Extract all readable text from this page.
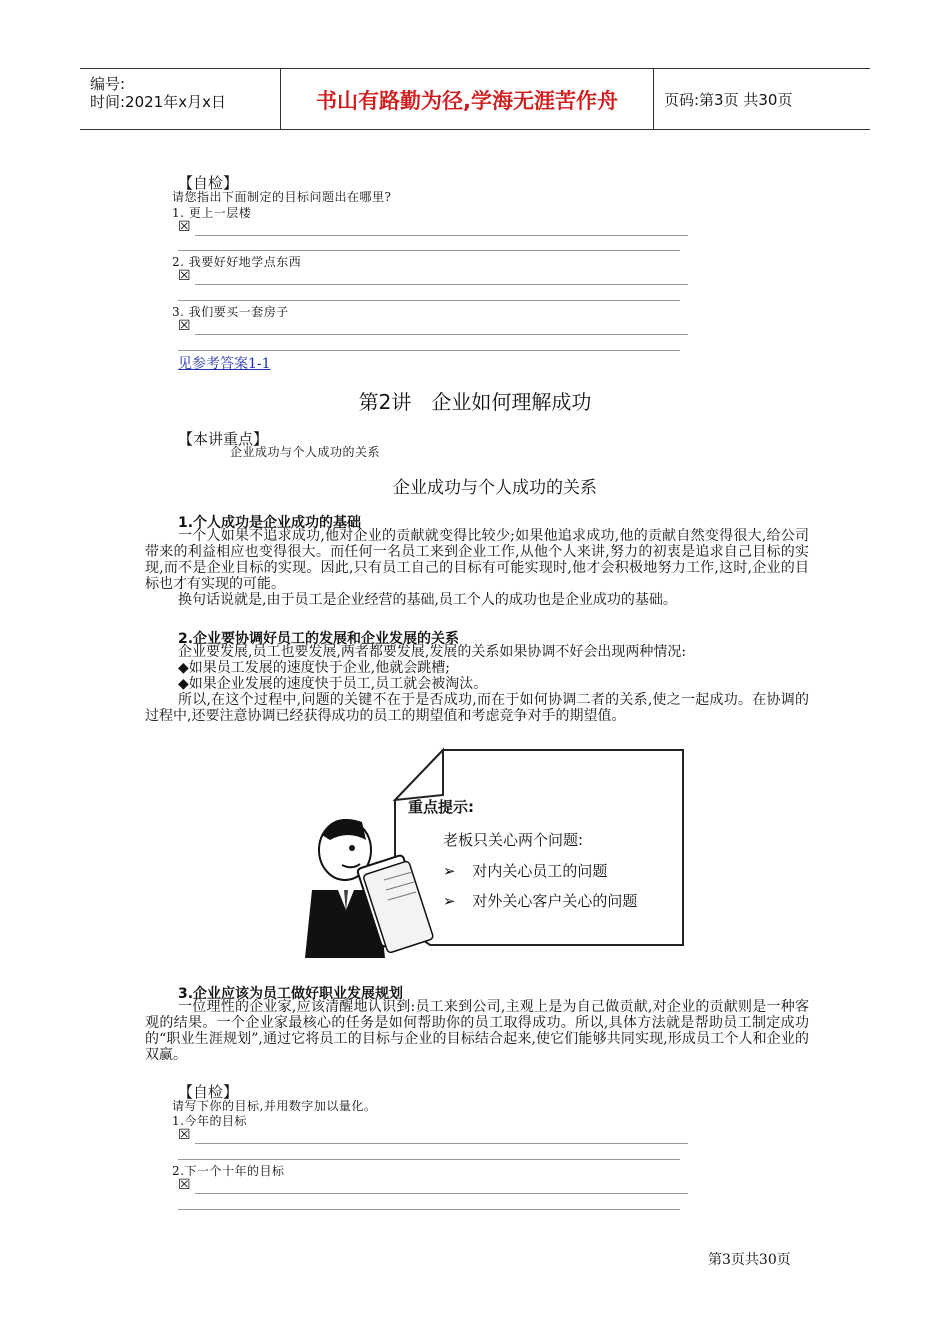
编号:
时间:2021年x月x日	书山有路勤为径,学海无涯苦作舟	页码:第3页 共30页
【自检】
请您指出下面制定的目标问题出在哪里?
1. 更上一层楼
☒
2. 我要好好地学点东西
☒
3. 我们要买一套房子
☒
见参考答案1-1
第2讲　企业如何理解成功
【本讲重点】
企业成功与个人成功的关系
企业成功与个人成功的关系
1.个人成功是企业成功的基础

一个人如果不追求成功,他对企业的贡献就变得比较少;如果他追求成功,他的贡献自然变得很大,给公司带来的利益相应也变得很大。而任何一名员工来到企业工作,从他个人来讲,努力的初衷是追求自己目标的实现,而不是企业目标的实现。因此,只有员工自己的目标有可能实现时,他才会积极地努力工作,这时,企业的目标也才有实现的可能。

换句话说就是,由于员工是企业经营的基础,员工个人的成功也是企业成功的基础。

2.企业要协调好员工的发展和企业发展的关系

企业要发展,员工也要发展,两者都要发展,发展的关系如果协调不好会出现两种情况:

◆如果员工发展的速度快于企业,他就会跳槽;

◆如果企业发展的速度快于员工,员工就会被淘汰。

所以,在这个过程中,问题的关键不在于是否成功,而在于如何协调二者的关系,使之一起成功。在协调的过程中,还要注意协调已经获得成功的员工的期望值和考虑竞争对手的期望值。

重点提示:
老板只关心两个问题:
➢ 对内关心员工的问题
➢ 对外关心客户关心的问题
3.企业应该为员工做好职业发展规划

一位理性的企业家,应该清醒地认识到:员工来到公司,主观上是为自己做贡献,对企业的贡献则是一种客观的结果。一个企业家最核心的任务是如何帮助你的员工取得成功。所以,具体方法就是帮助员工制定成功的“职业生涯规划”,通过它将员工的目标与企业的目标结合起来,使它们能够共同实现,形成员工个人和企业的双赢。

【自检】
请写下你的目标,并用数字加以量化。
1.今年的目标
☒
2.下一个十年的目标
☒
第3页共30页
